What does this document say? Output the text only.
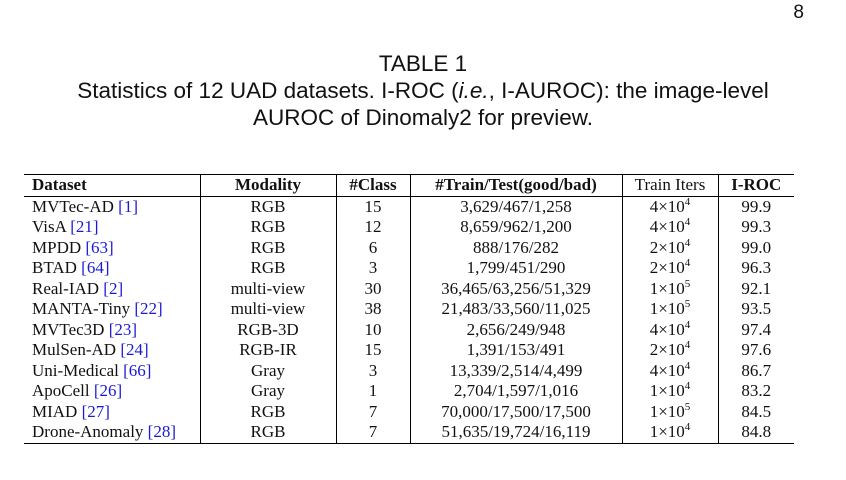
8
TABLE 1
Statistics of 12 UAD datasets. I-ROC (i.e., I-AUROC): the image-level
AUROC of Dinomaly2 for preview.
Dataset	Modality	#Class	#Train/Test(good/bad)	Train Iters	I-ROC
MVTec-AD [1]	RGB	15	3,629/467/1,258	$4\times 10^4$	99.9
VisA [21]	RGB	12	8,659/962/1,200	$4\times 10^4$	99.3
MPDD [63]	RGB	6	888/176/282	$2\times 10^4$	99.0
BTAD [64]	RGB	3	1,799/451/290	$2\times 10^4$	96.3
Real-IAD [2]	multi-view	30	36,465/63,256/51,329	$1\times 10^5$	92.1
MANTA-Tiny [22]	multi-view	38	21,483/33,560/11,025	$1\times 10^5$	93.5
MVTec3D [23]	RGB-3D	10	2,656/249/948	$4\times 10^4$	97.4
MulSen-AD [24]	RGB-IR	15	1,391/153/491	$2\times 10^4$	97.6
Uni-Medical [66]	Gray	3	13,339/2,514/4,499	$4\times 10^4$	86.7
ApoCell [26]	Gray	1	2,704/1,597/1,016	$1\times 10^4$	83.2
MIAD [27]	RGB	7	70,000/17,500/17,500	$1\times 10^5$	84.5
Drone-Anomaly [28]	RGB	7	51,635/19,724/16,119	$1\times 10^4$	84.8
